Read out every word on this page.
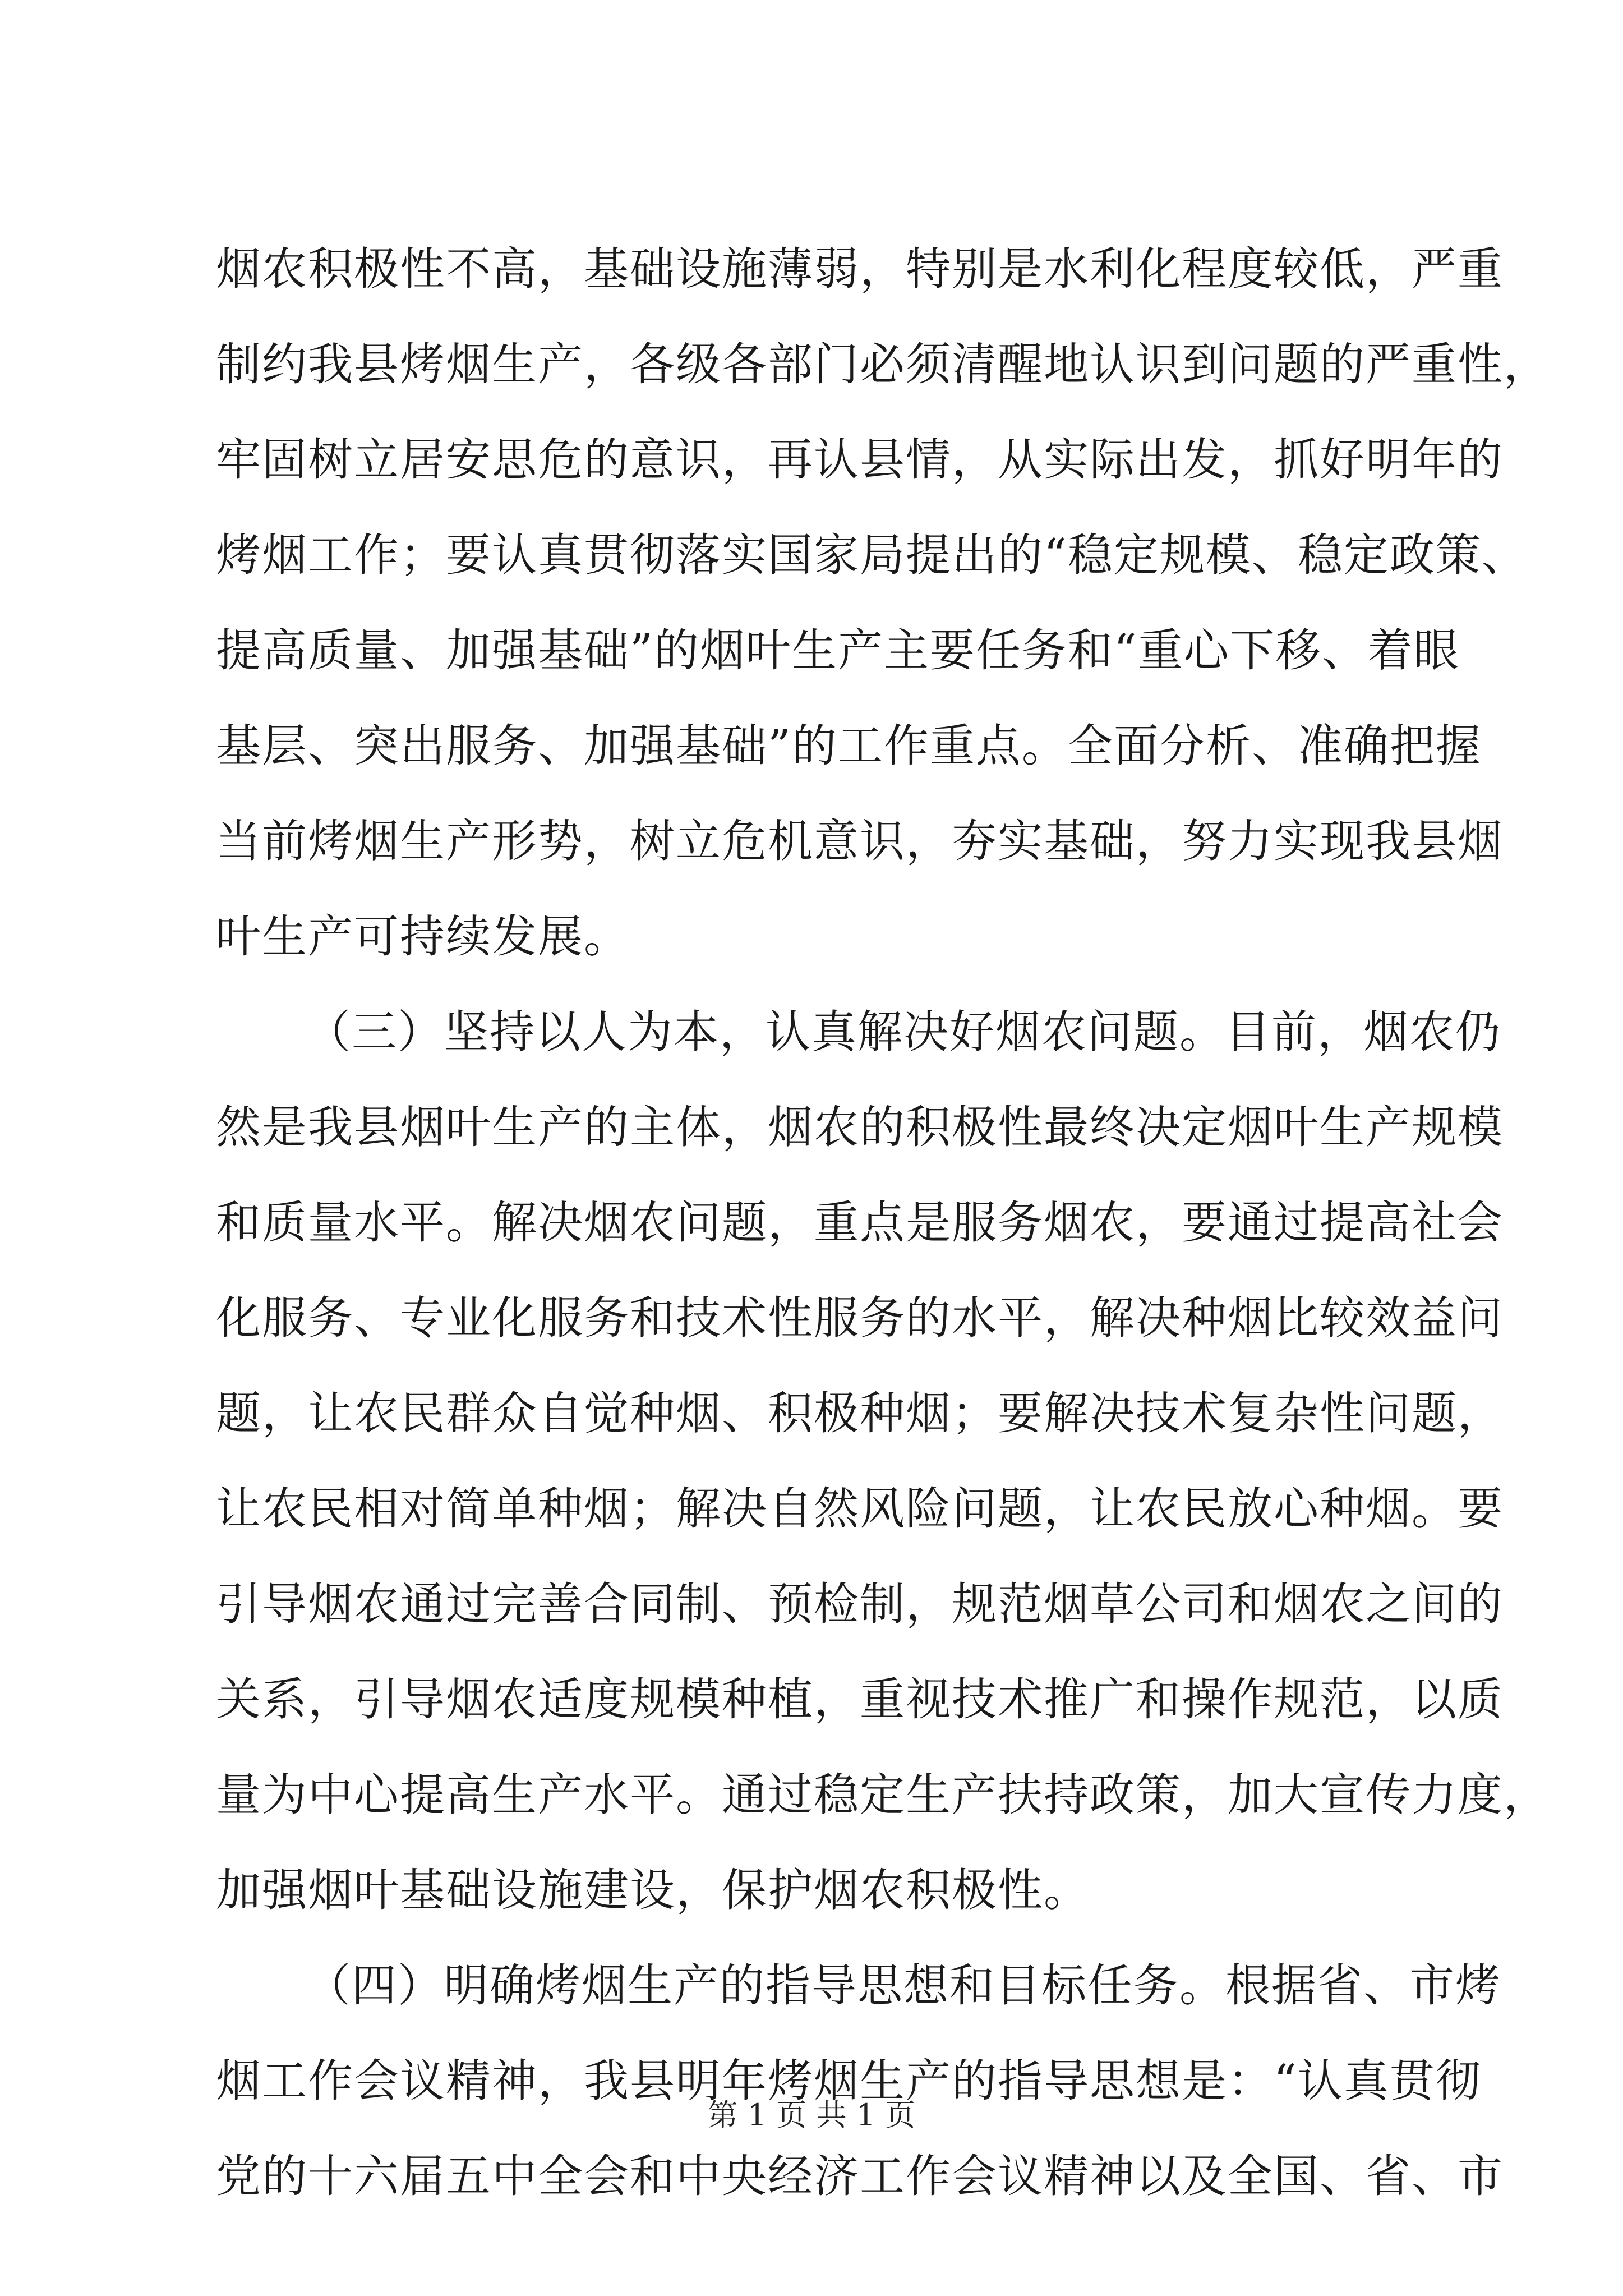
烟农积极性不高，基础设施薄弱，特别是水利化程度较低，严重
制约我县烤烟生产，各级各部门必须清醒地认识到问题的严重性，
牢固树立居安思危的意识，再认县情，从实际出发，抓好明年的
烤烟工作；要认真贯彻落实国家局提出的“稳定规模、稳定政策、
提高质量、加强基础”的烟叶生产主要任务和“重心下移、着眼
基层、突出服务、加强基础”的工作重点。全面分析、准确把握
当前烤烟生产形势，树立危机意识，夯实基础，努力实现我县烟
叶生产可持续发展。
（三）坚持以人为本，认真解决好烟农问题。目前，烟农仍
然是我县烟叶生产的主体，烟农的积极性最终决定烟叶生产规模
和质量水平。解决烟农问题，重点是服务烟农，要通过提高社会
化服务、专业化服务和技术性服务的水平，解决种烟比较效益问
题，让农民群众自觉种烟、积极种烟；要解决技术复杂性问题，
让农民相对简单种烟；解决自然风险问题，让农民放心种烟。要
引导烟农通过完善合同制、预检制，规范烟草公司和烟农之间的
关系，引导烟农适度规模种植，重视技术推广和操作规范，以质
量为中心提高生产水平。通过稳定生产扶持政策，加大宣传力度，
加强烟叶基础设施建设，保护烟农积极性。
（四）明确烤烟生产的指导思想和目标任务。根据省、市烤
烟工作会议精神，我县明年烤烟生产的指导思想是：“认真贯彻
党的十六届五中全会和中央经济工作会议精神以及全国、省、市
第 1 页 共 1 页
